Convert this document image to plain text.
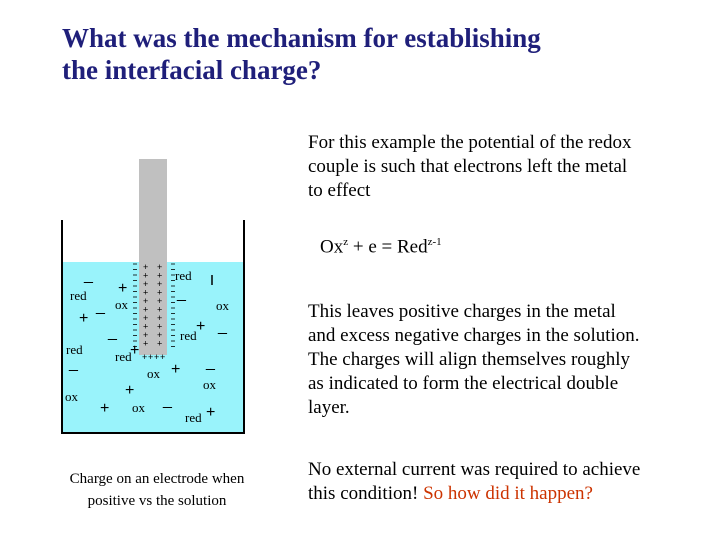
What was the mechanism for establishing
the interfacial charge?
For this example the potential of the redox
couple is such that electrons left the metal
to effect
$Ox^z + e = Red^{z-1}$
This leaves positive charges in the metal
and excess negative charges in the solution.
The charges will align themselves roughly
as indicated to form the electrical double
layer.
No external current was required to achieve
this condition! So how did it happen?
Charge on an electrode when
positive vs the solution
+ +
+ +
+ +
+ +
+ +
+ +
+ +
+ +
+ +
+ +
+ + + +
red
red
ox	ox
red
red red
ox
ox
ox
ox
red
_
+	_
_
+	+ _
_
+
_
_	+
+
_
+	+
